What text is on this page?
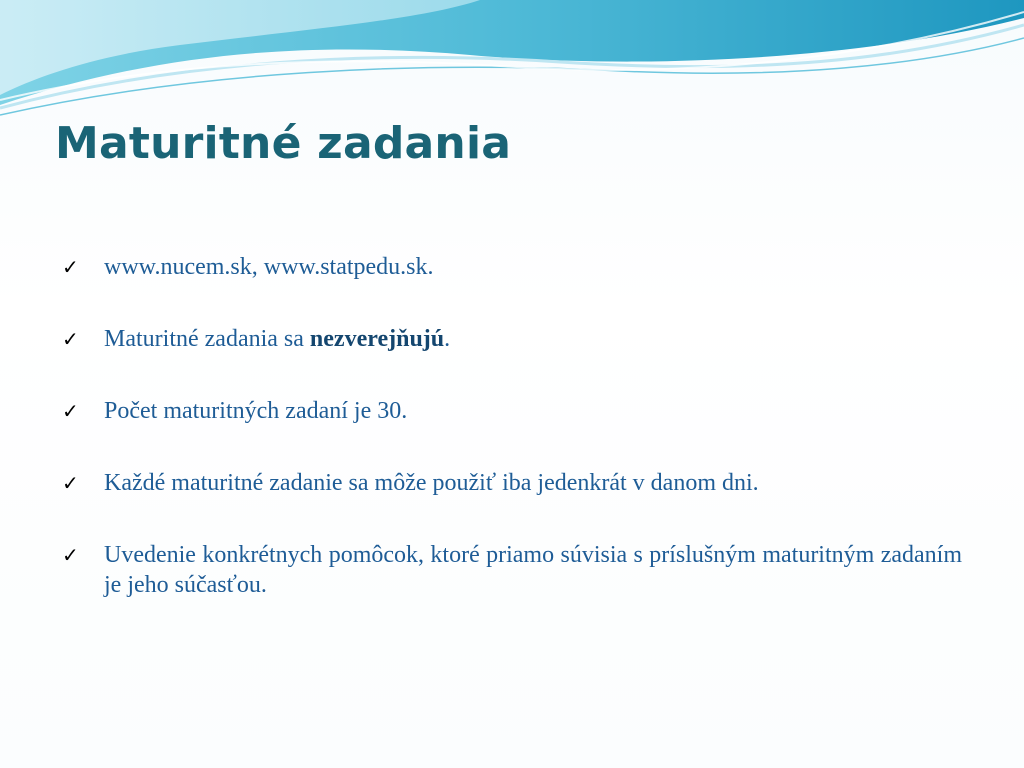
Maturitné zadania
✓	www.nucem.sk, www.statpedu.sk.
✓	Maturitné zadania sa nezverejňujú.
✓	Počet maturitných zadaní je 30.
✓	Každé maturitné zadanie sa môže použiť iba jedenkrát v danom dni.
✓	Uvedenie konkrétnych pomôcok, ktoré priamo súvisia s príslušným maturitným zadaním je jeho súčasťou.
